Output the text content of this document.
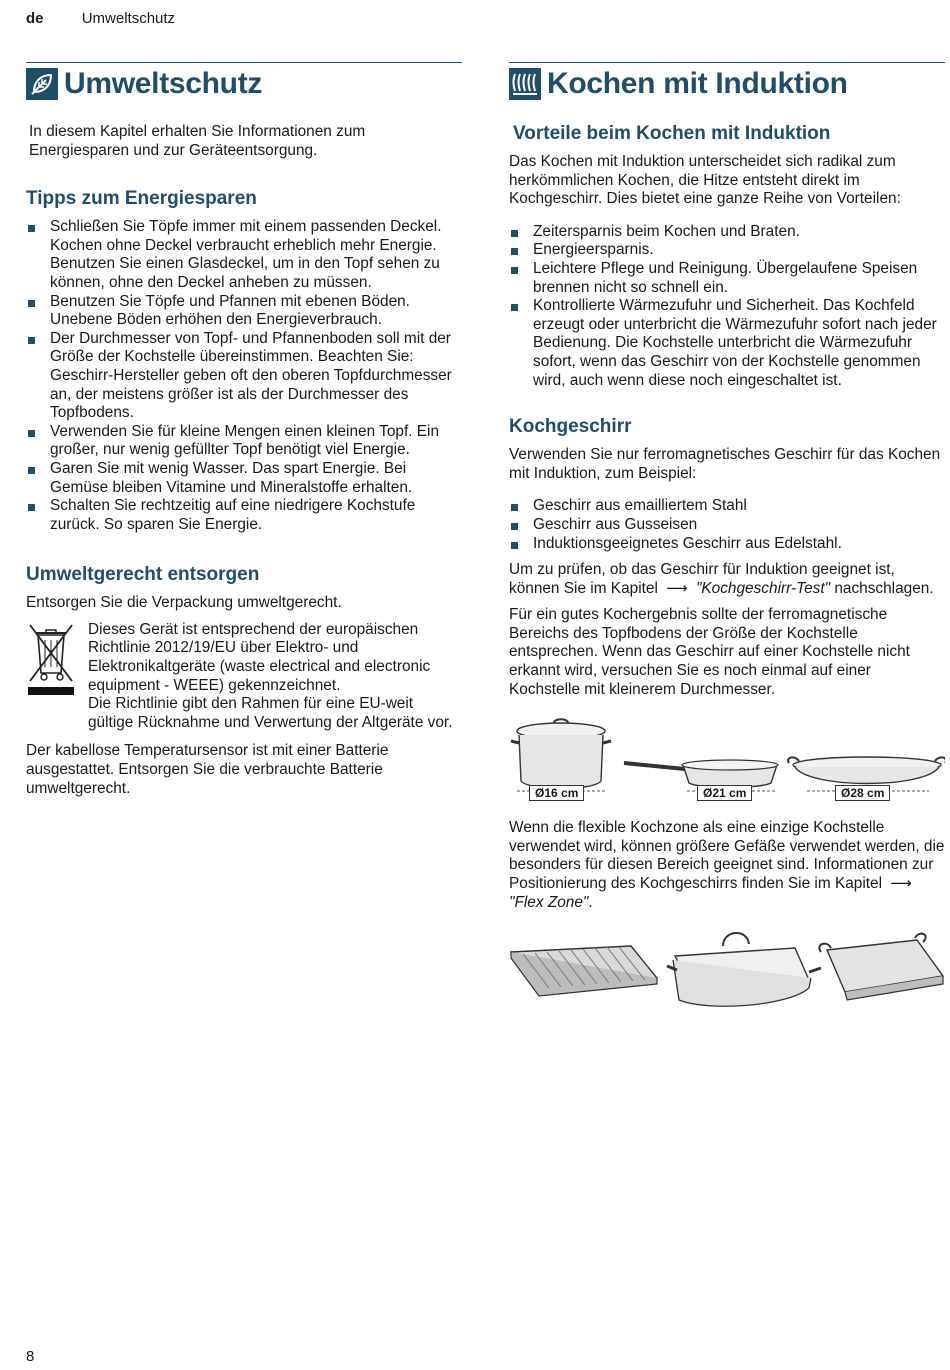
de	Umweltschutz
Umweltschutz

In diesem Kapitel erhalten Sie Informationen zum Energiesparen und zur Geräteentsorgung.

Tipps zum Energiesparen
Schließen Sie Töpfe immer mit einem passenden Deckel. Kochen ohne Deckel verbraucht erheblich mehr Energie. Benutzen Sie einen Glasdeckel, um in den Topf sehen zu können, ohne den Deckel anheben zu müssen.
Benutzen Sie Töpfe und Pfannen mit ebenen Böden. Unebene Böden erhöhen den Energieverbrauch.
Der Durchmesser von Topf- und Pfannenboden soll mit der Größe der Kochstelle übereinstimmen. Beachten Sie: Geschirr-Hersteller geben oft den oberen Topfdurchmesser an, der meistens größer ist als der Durchmesser des Topfbodens.
Verwenden Sie für kleine Mengen einen kleinen Topf. Ein großer, nur wenig gefüllter Topf benötigt viel Energie.
Garen Sie mit wenig Wasser. Das spart Energie. Bei Gemüse bleiben Vitamine und Mineralstoffe erhalten.
Schalten Sie rechtzeitig auf eine niedrigere Kochstufe zurück. So sparen Sie Energie.
Umweltgerecht entsorgen

Entsorgen Sie die Verpackung umweltgerecht.

Dieses Gerät ist entsprechend der europäischen Richtlinie 2012/19/EU über Elektro- und Elektronikaltgeräte (waste electrical and electronic equipment - WEEE) gekennzeichnet.

Die Richtlinie gibt den Rahmen für eine EU-weit gültige Rücknahme und Verwertung der Altgeräte vor.

Der kabellose Temperatursensor ist mit einer Batterie ausgestattet. Entsorgen Sie die verbrauchte Batterie umweltgerecht.

Kochen mit Induktion
Vorteile beim Kochen mit Induktion

Das Kochen mit Induktion unterscheidet sich radikal zum herkömmlichen Kochen, die Hitze entsteht direkt im Kochgeschirr. Dies bietet eine ganze Reihe von Vorteilen:

Zeitersparnis beim Kochen und Braten.
Energieersparnis.
Leichtere Pflege und Reinigung. Übergelaufene Speisen brennen nicht so schnell ein.
Kontrollierte Wärmezufuhr und Sicherheit. Das Kochfeld erzeugt oder unterbricht die Wärmezufuhr sofort nach jeder Bedienung. Die Kochstelle unterbricht die Wärmezufuhr sofort, wenn das Geschirr von der Kochstelle genommen wird, auch wenn diese noch eingeschaltet ist.
Kochgeschirr

Verwenden Sie nur ferromagnetisches Geschirr für das Kochen mit Induktion, zum Beispiel:

Geschirr aus emailliertem Stahl
Geschirr aus Gusseisen
Induktionsgeeignetes Geschirr aus Edelstahl.

Um zu prüfen, ob das Geschirr für Induktion geeignet ist, können Sie im Kapitel ⟶ "Kochgeschirr-Test" nachschlagen.

Für ein gutes Kochergebnis sollte der ferromagnetische Bereichs des Topfbodens der Größe der Kochstelle entsprechen. Wenn das Geschirr auf einer Kochstelle nicht erkannt wird, versuchen Sie es noch einmal auf einer Kochstelle mit kleinerem Durchmesser.

Ø16 cm	Ø21 cm	Ø28 cm

Wenn die flexible Kochzone als eine einzige Kochstelle verwendet wird, können größere Gefäße verwendet werden, die besonders für diesen Bereich geeignet sind. Informationen zur Positionierung des Kochgeschirrs finden Sie im Kapitel ⟶ "Flex Zone".

8
